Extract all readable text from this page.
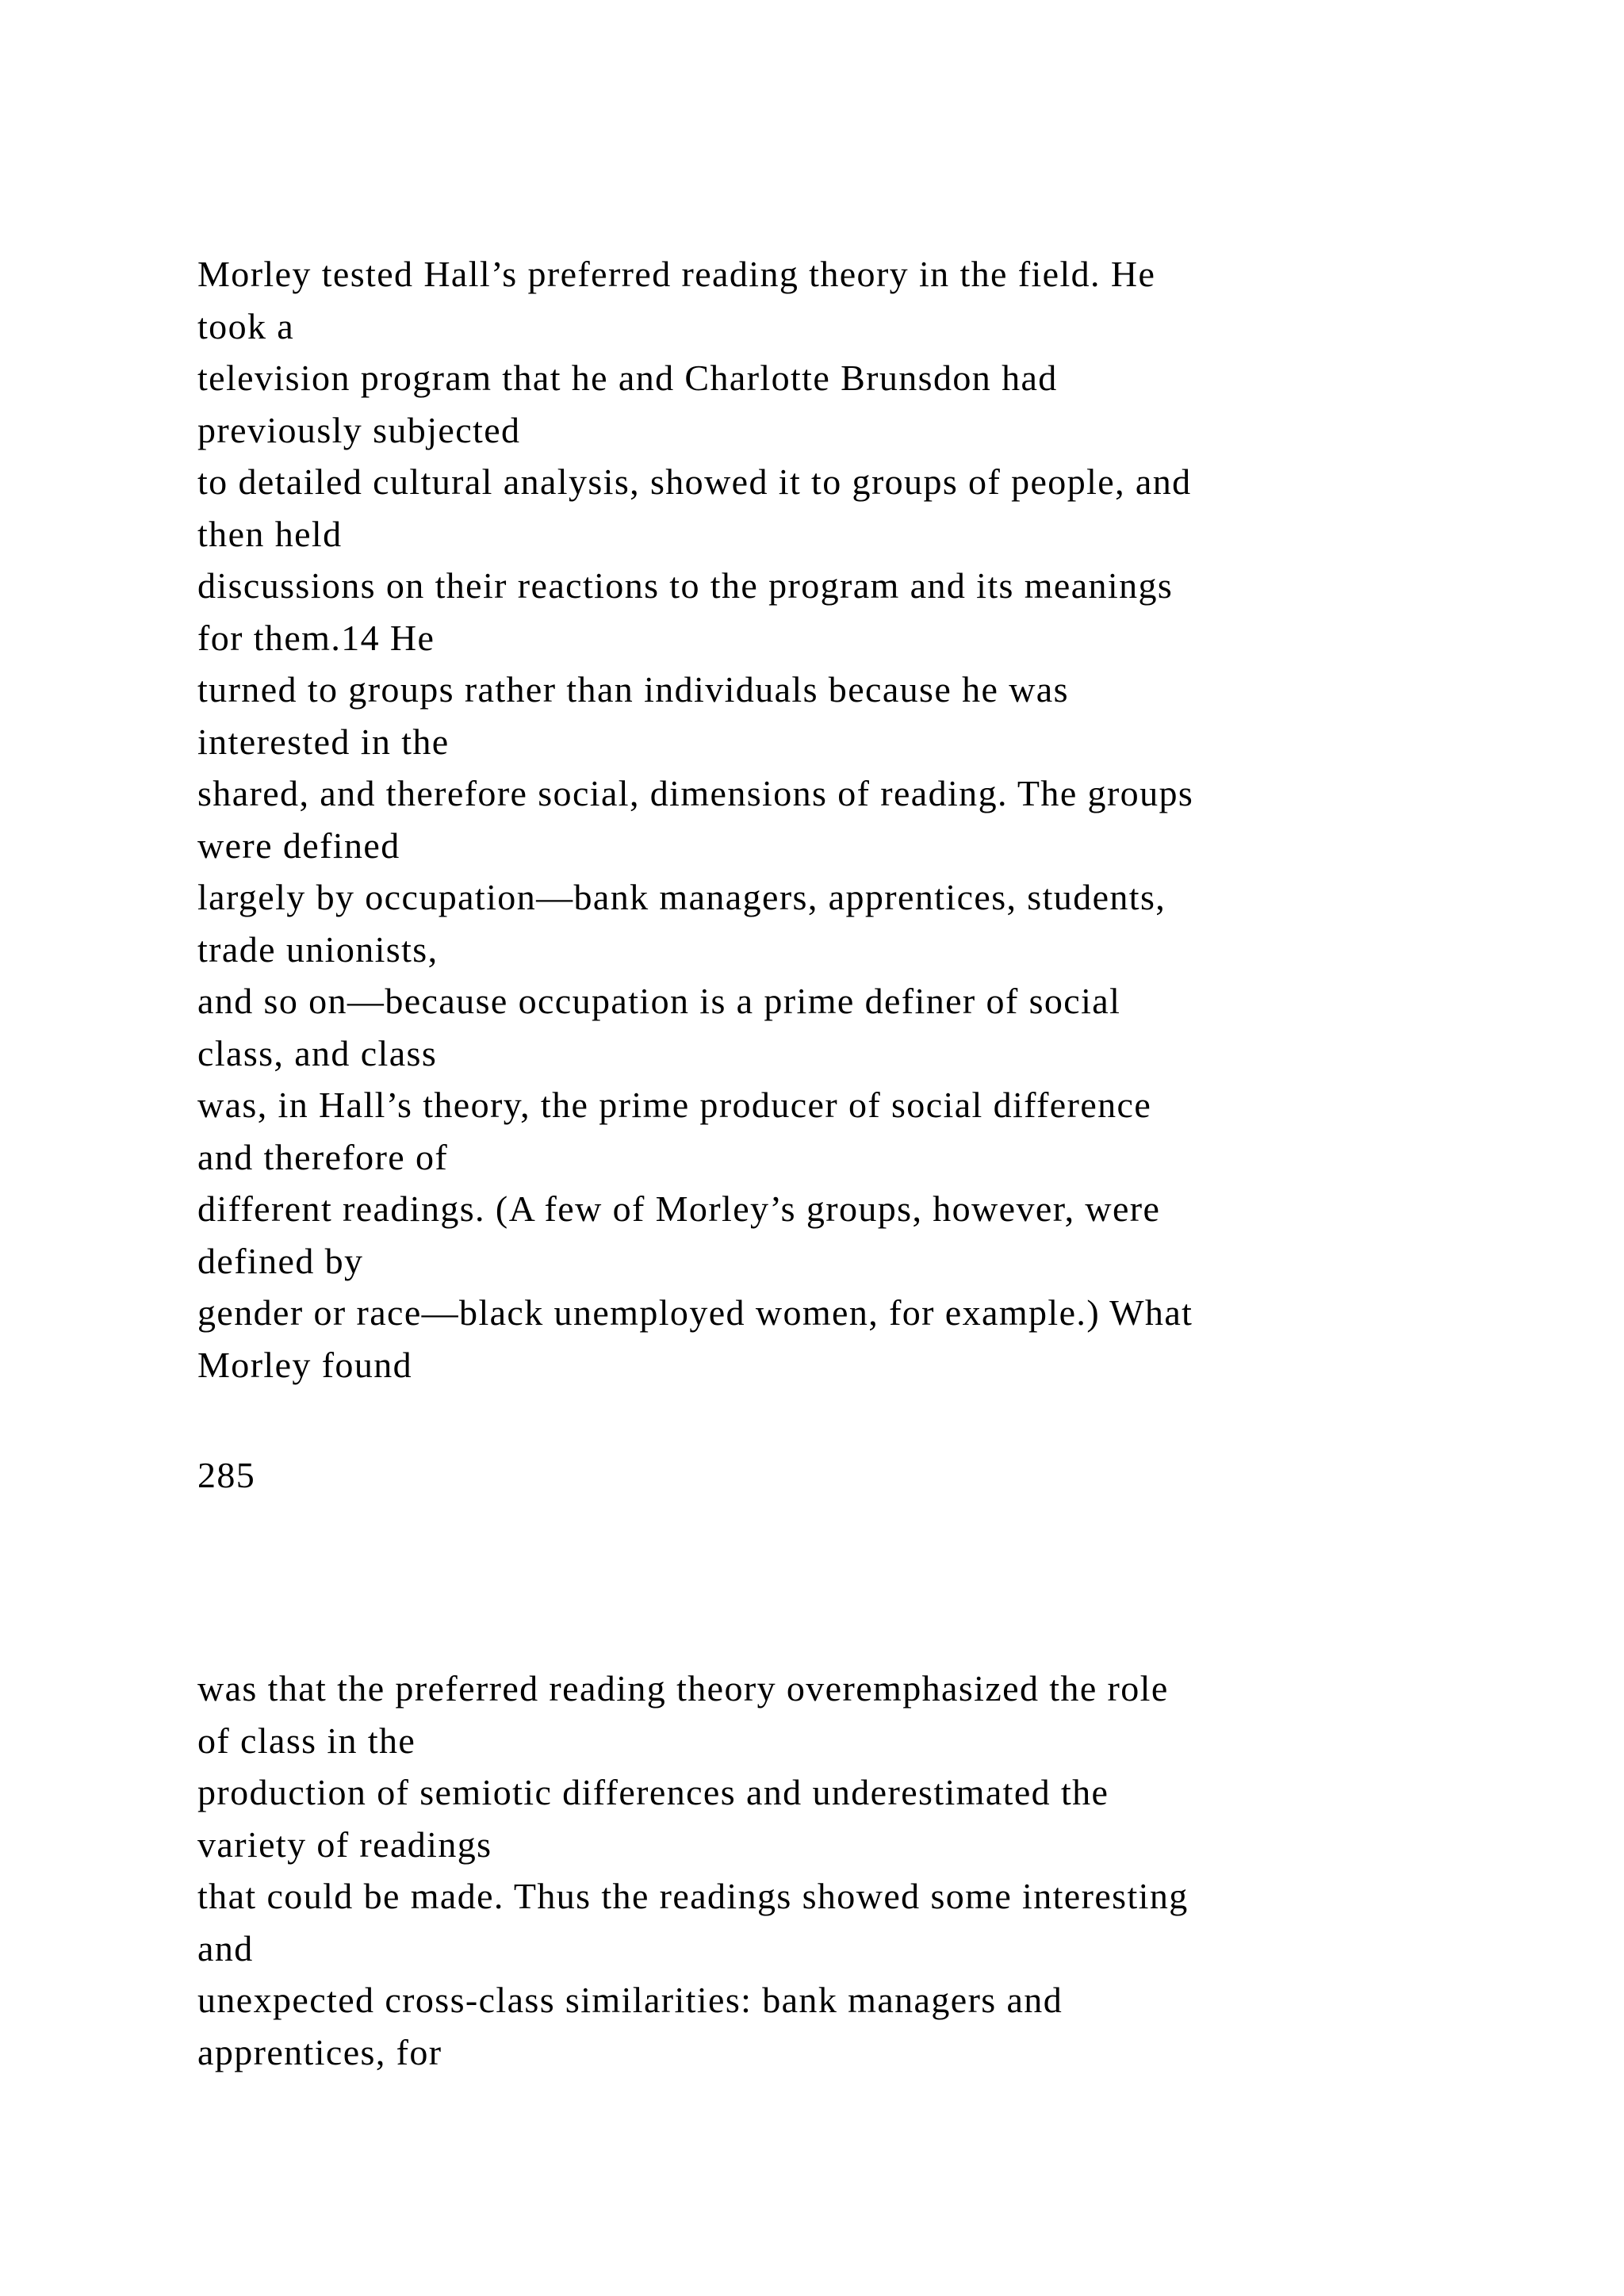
Morley tested Hall’s preferred reading theory in the field. He
took a
television program that he and Charlotte Brunsdon had
previously subjected
to detailed cultural analysis, showed it to groups of people, and
then held
discussions on their reactions to the program and its meanings
for them.14 He
turned to groups rather than individuals because he was
interested in the
shared, and therefore social, dimensions of reading. The groups
were defined
largely by occupation—bank managers, apprentices, students,
trade unionists,
and so on—because occupation is a prime definer of social
class, and class
was, in Hall’s theory, the prime producer of social difference
and therefore of
different readings. (A few of Morley’s groups, however, were
defined by
gender or race—black unemployed women, for example.) What
Morley found
285
was that the preferred reading theory overemphasized the role
of class in the
production of semiotic differences and underestimated the
variety of readings
that could be made. Thus the readings showed some interesting
and
unexpected cross-class similarities: bank managers and
apprentices, for
